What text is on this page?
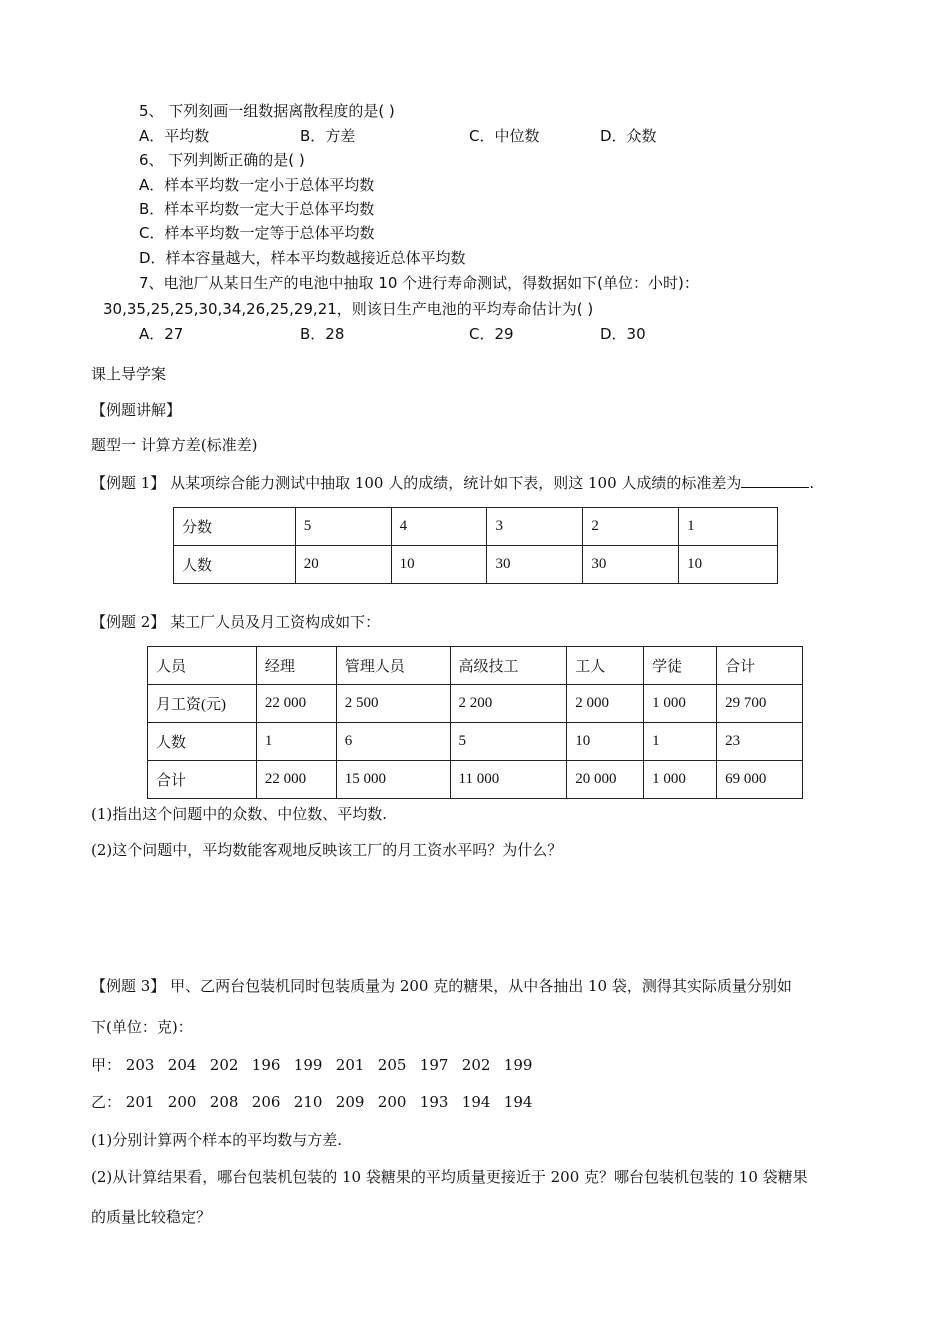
5、 下列刻画一组数据离散程度的是( )
A．平均数	B．方差	C．中位数	D．众数
6、 下列判断正确的是( )
A．样本平均数一定小于总体平均数
B．样本平均数一定大于总体平均数
C．样本平均数一定等于总体平均数
D．样本容量越大，样本平均数越接近总体平均数
7、电池厂从某日生产的电池中抽取 10 个进行寿命测试，得数据如下(单位：小时)：
30,35,25,25,30,34,26,25,29,21，则该日生产电池的平均寿命估计为( )
A．27	B．28	C．29	D．30
课上导学案
【例题讲解】
题型一 计算方差(标准差)
【例题 1】 从某项综合能力测试中抽取 100 人的成绩，统计如下表，则这 100 人成绩的标准差为	.
分数	5	4	3	2	1
人数	20	10	30	30	10
【例题 2】 某工厂人员及月工资构成如下：
人员	经理	管理人员	高级技工	工人	学徒	合计
月工资(元)	22 000	2 500	2 200	2 000	1 000	29 700
人数	1	6	5	10	1	23
合计	22 000	15 000	11 000	20 000	1 000	69 000
(1)指出这个问题中的众数、中位数、平均数.
(2)这个问题中，平均数能客观地反映该工厂的月工资水平吗？为什么？
【例题 3】 甲、乙两台包装机同时包装质量为 200 克的糖果，从中各抽出 10 袋，测得其实际质量分别如
下(单位：克)：
甲： 203 204 202 196 199 201 205 197 202 199
乙： 201 200 208 206 210 209 200 193 194 194
(1)分别计算两个样本的平均数与方差.
(2)从计算结果看，哪台包装机包装的 10 袋糖果的平均质量更接近于 200 克？哪台包装机包装的 10 袋糖果
的质量比较稳定？
